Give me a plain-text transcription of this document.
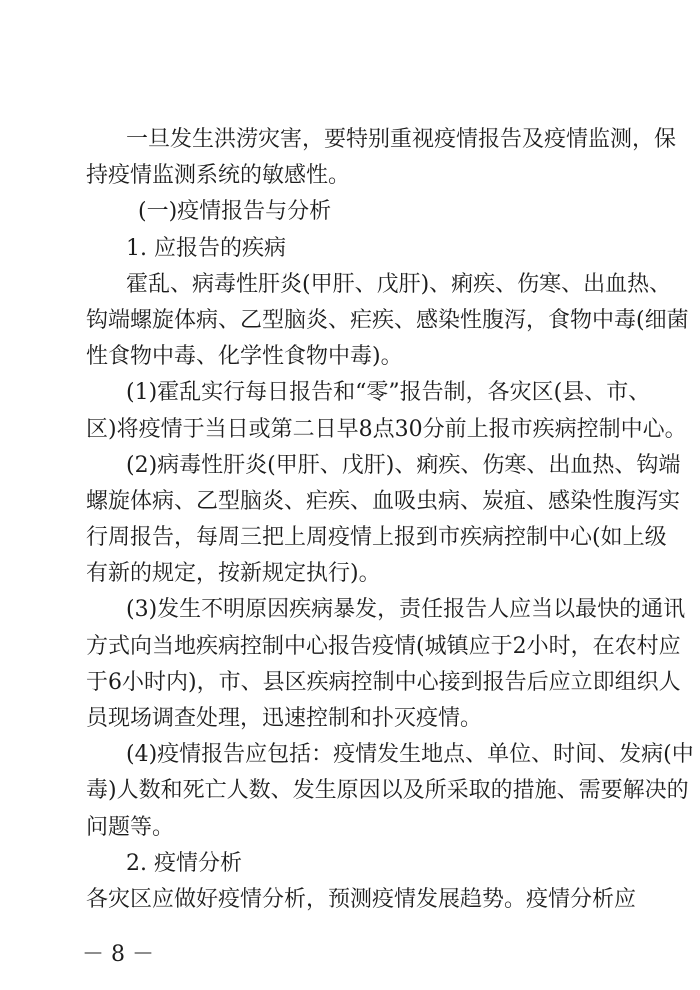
一旦发生洪涝灾害，要特别重视疫情报告及疫情监测，保
持疫情监测系统的敏感性。
(一)疫情报告与分析
1. 应报告的疾病
霍乱、病毒性肝炎(甲肝、戊肝)、痢疾、伤寒、出血热、
钩端螺旋体病、乙型脑炎、疟疾、感染性腹泻，食物中毒(细菌
性食物中毒、化学性食物中毒)。
(1)霍乱实行每日报告和“零”报告制，各灾区(县、市、
区)将疫情于当日或第二日早8点30分前上报市疾病控制中心。
(2)病毒性肝炎(甲肝、戊肝)、痢疾、伤寒、出血热、钩端
螺旋体病、乙型脑炎、疟疾、血吸虫病、炭疽、感染性腹泻实
行周报告，每周三把上周疫情上报到市疾病控制中心(如上级
有新的规定，按新规定执行)。
(3)发生不明原因疾病暴发，责任报告人应当以最快的通讯
方式向当地疾病控制中心报告疫情(城镇应于2小时，在农村应
于6小时内)，市、县区疾病控制中心接到报告后应立即组织人
员现场调查处理，迅速控制和扑灭疫情。
(4)疫情报告应包括：疫情发生地点、单位、时间、发病(中
毒)人数和死亡人数、发生原因以及所采取的措施、需要解决的
问题等。
2. 疫情分析
各灾区应做好疫情分析，预测疫情发展趋势。疫情分析应
－ 8 －
